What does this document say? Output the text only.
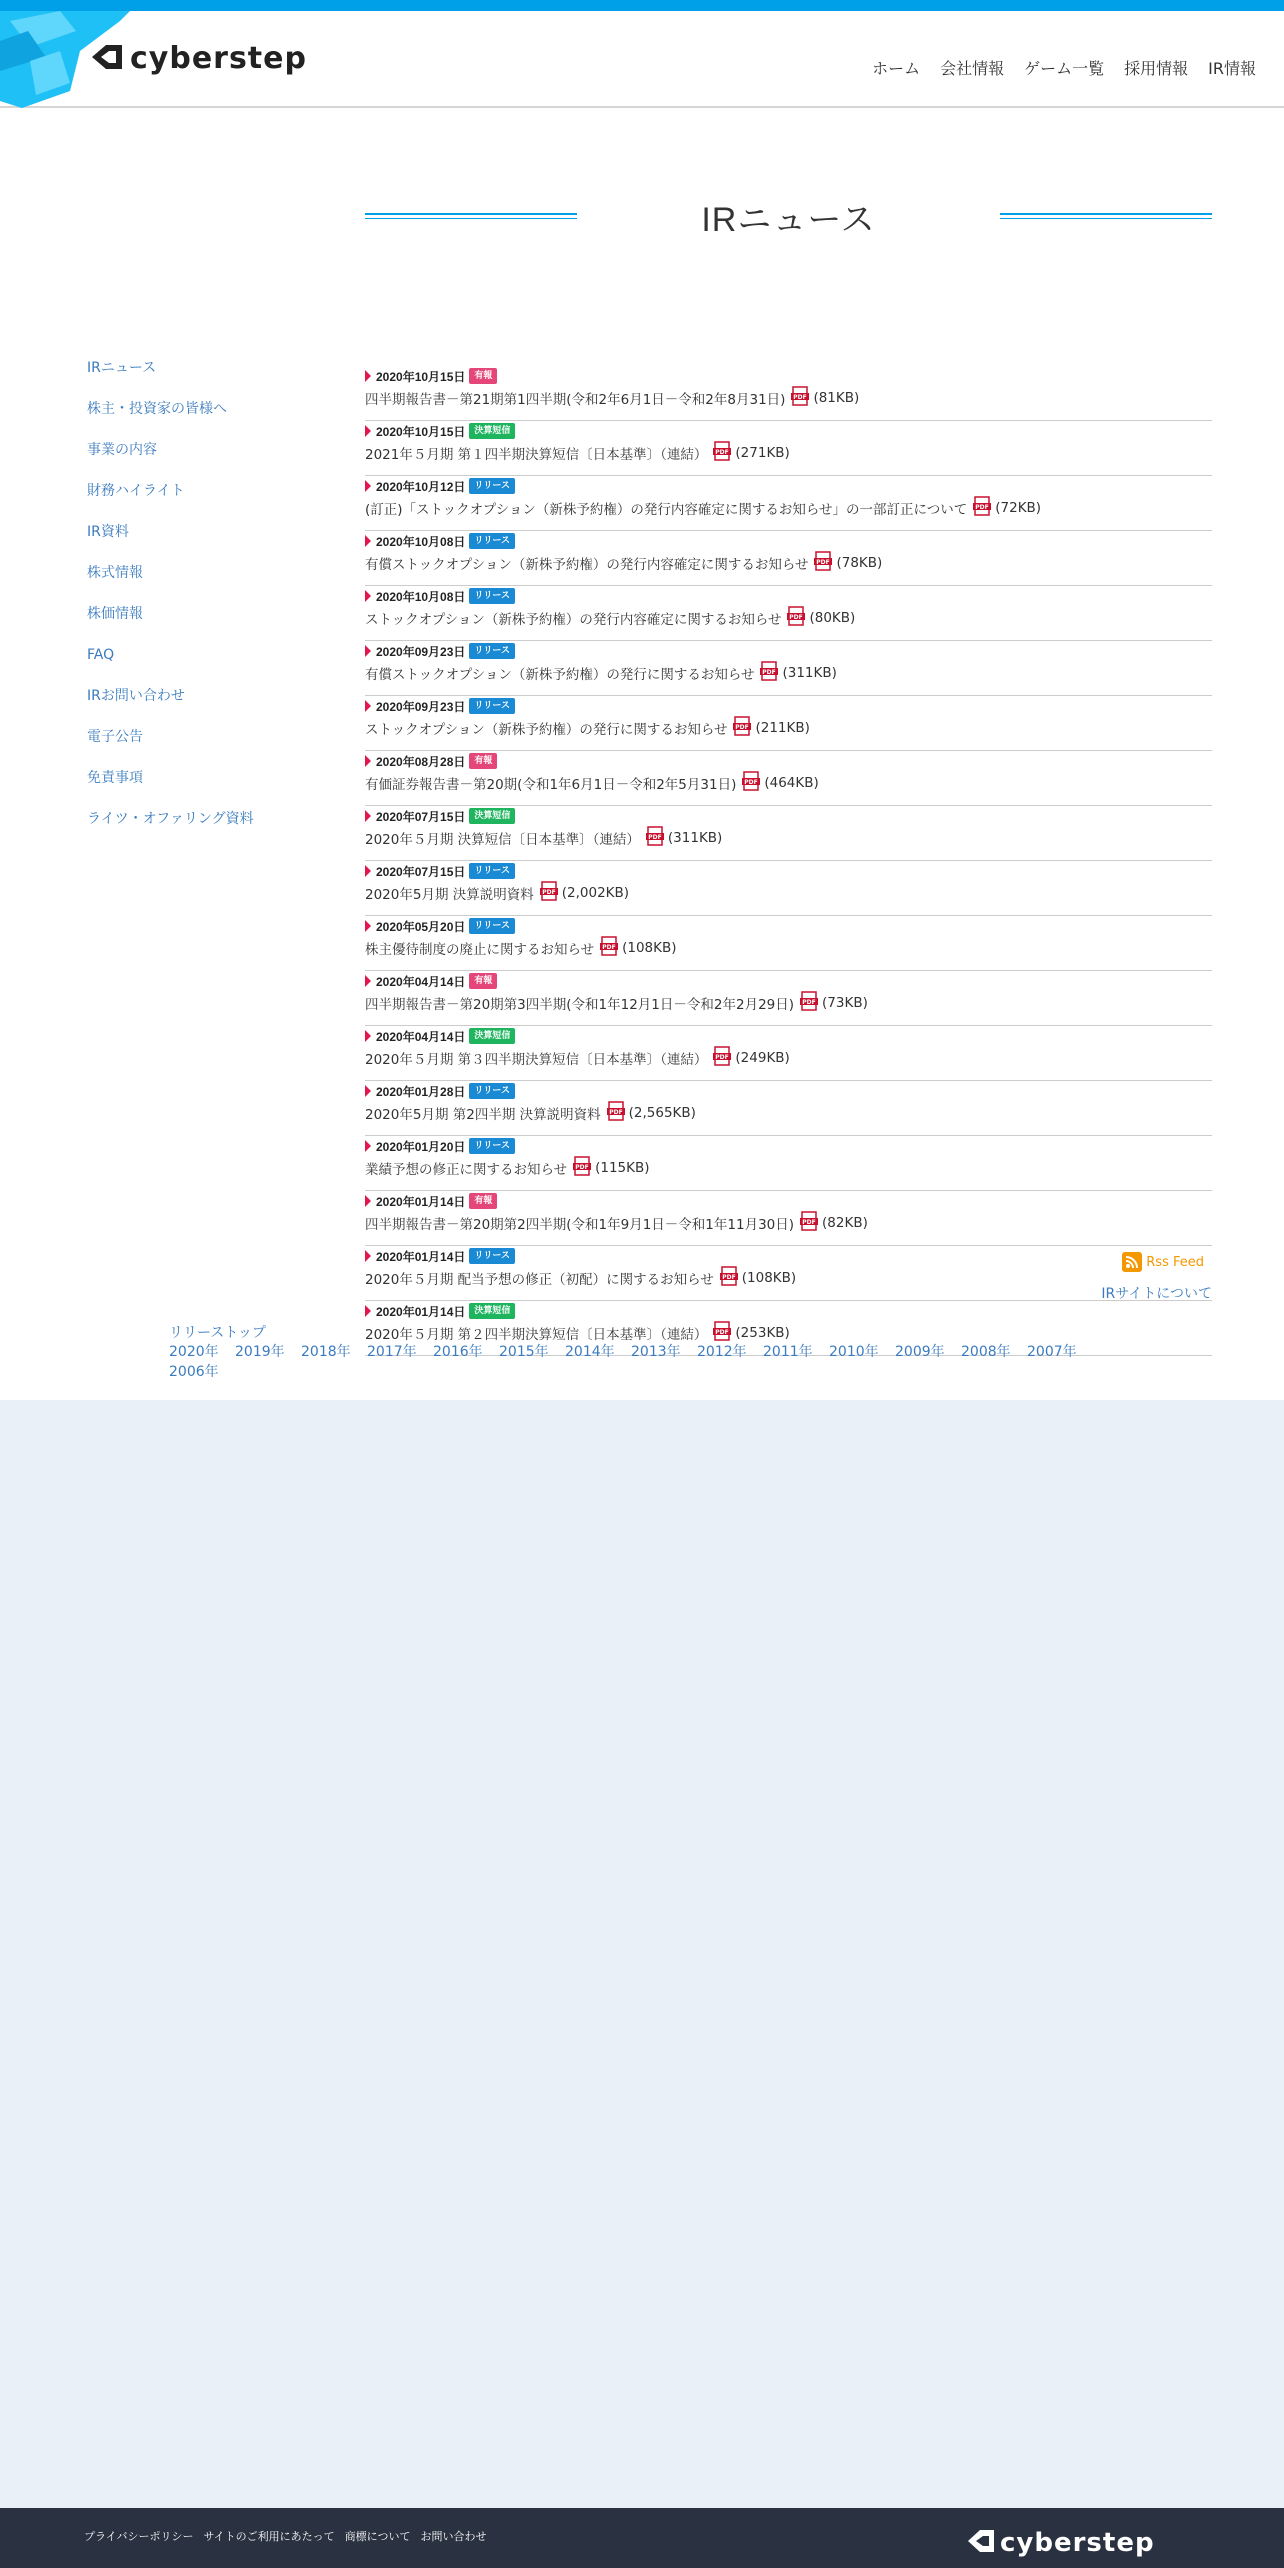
cyberstep	ホーム	会社情報	ゲーム一覧	採用情報	IR情報
IRニュース
IRニュース
株主・投資家の皆様へ
事業の内容
財務ハイライト
IR資料
株式情報
株価情報
FAQ
IRお問い合わせ
電子公告
免責事項
ライツ・オファリング資料
2020年10月15日	有報
四半期報告書－第21期第1四半期(令和2年6月1日－令和2年8月31日) PDF (81KB)
2020年10月15日	決算短信
2021年５月期 第１四半期決算短信〔日本基準〕（連結） PDF (271KB)
2020年10月12日	リリース
(訂正)「ストックオプション（新株予約権）の発行内容確定に関するお知らせ」の一部訂正について PDF (72KB)
2020年10月08日	リリース
有償ストックオプション（新株予約権）の発行内容確定に関するお知らせ PDF (78KB)
2020年10月08日	リリース
ストックオプション（新株予約権）の発行内容確定に関するお知らせ PDF (80KB)
2020年09月23日	リリース
有償ストックオプション（新株予約権）の発行に関するお知らせ PDF (311KB)
2020年09月23日	リリース
ストックオプション（新株予約権）の発行に関するお知らせ PDF (211KB)
2020年08月28日	有報
有価証券報告書－第20期(令和1年6月1日－令和2年5月31日) PDF (464KB)
2020年07月15日	決算短信
2020年５月期 決算短信〔日本基準〕（連結） PDF (311KB)
2020年07月15日	リリース
2020年5月期 決算説明資料 PDF (2,002KB)
2020年05月20日	リリース
株主優待制度の廃止に関するお知らせ PDF (108KB)
2020年04月14日	有報
四半期報告書－第20期第3四半期(令和1年12月1日－令和2年2月29日) PDF (73KB)
2020年04月14日	決算短信
2020年５月期 第３四半期決算短信〔日本基準〕（連結） PDF (249KB)
2020年01月28日	リリース
2020年5月期 第2四半期 決算説明資料 PDF (2,565KB)
2020年01月20日	リリース
業績予想の修正に関するお知らせ PDF (115KB)
2020年01月14日	有報
四半期報告書－第20期第2四半期(令和1年9月1日－令和1年11月30日) PDF (82KB)
2020年01月14日	リリース
2020年５月期 配当予想の修正（初配）に関するお知らせ PDF (108KB)
2020年01月14日	決算短信
2020年５月期 第２四半期決算短信〔日本基準〕（連結） PDF (253KB)
Rss Feed
IRサイトについて
リリーストップ
2020年	2019年	2018年	2017年	2016年	2015年	2014年	2013年	2012年	2011年	2010年	2009年	2008年	2007年
2006年
プライバシーポリシー サイトのご利用にあたって 商標について お問い合わせ	cyberstep
